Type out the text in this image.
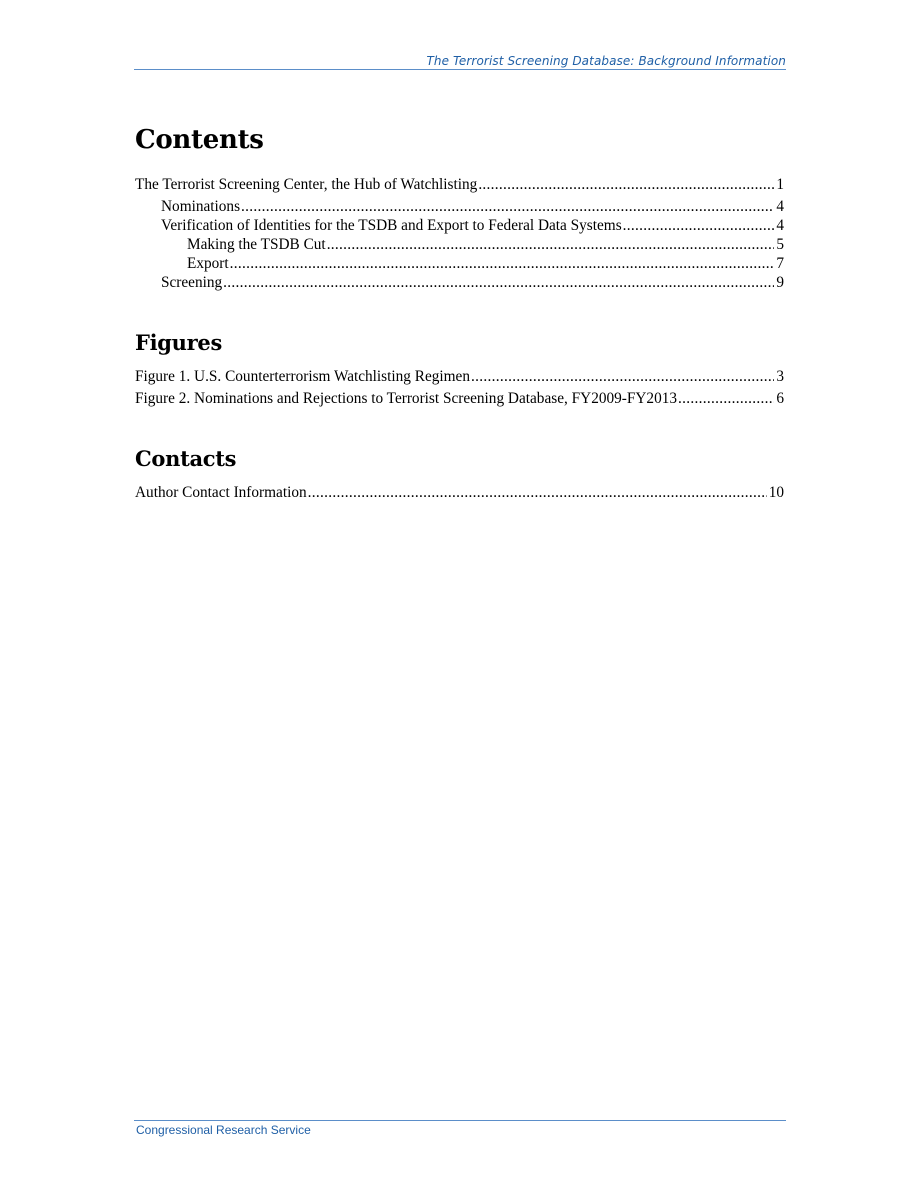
The Terrorist Screening Database: Background Information
Contents
The Terrorist Screening Center, the Hub of Watchlisting .....	1
Nominations .....	4
Verification of Identities for the TSDB and Export to Federal Data Systems .....	4
Making the TSDB Cut .....	5
Export .....	7
Screening .....	9
Figures
Figure 1. U.S. Counterterrorism Watchlisting Regimen .....	3
Figure 2. Nominations and Rejections to Terrorist Screening Database, FY2009-FY2013 .....	6
Contacts
Author Contact Information .....	10
Congressional Research Service
